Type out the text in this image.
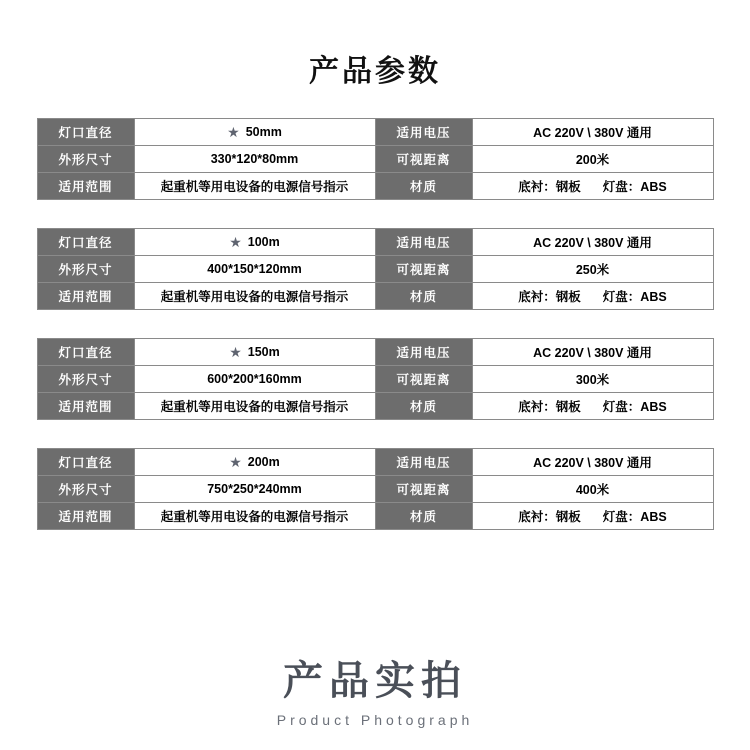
产品参数
灯口直径	★ 50mm	适用电压	AC 220V \ 380V 通用
外形尺寸	330*120*80mm	可视距离	200米
适用范围	起重机等用电设备的电源信号指示	材质	底衬：钢板 灯盘：ABS
灯口直径	★ 100m	适用电压	AC 220V \ 380V 通用
外形尺寸	400*150*120mm	可视距离	250米
适用范围	起重机等用电设备的电源信号指示	材质	底衬：钢板 灯盘：ABS
灯口直径	★ 150m	适用电压	AC 220V \ 380V 通用
外形尺寸	600*200*160mm	可视距离	300米
适用范围	起重机等用电设备的电源信号指示	材质	底衬：钢板 灯盘：ABS
灯口直径	★ 200m	适用电压	AC 220V \ 380V 通用
外形尺寸	750*250*240mm	可视距离	400米
适用范围	起重机等用电设备的电源信号指示	材质	底衬：钢板 灯盘：ABS
产品实拍
Product Photograph
